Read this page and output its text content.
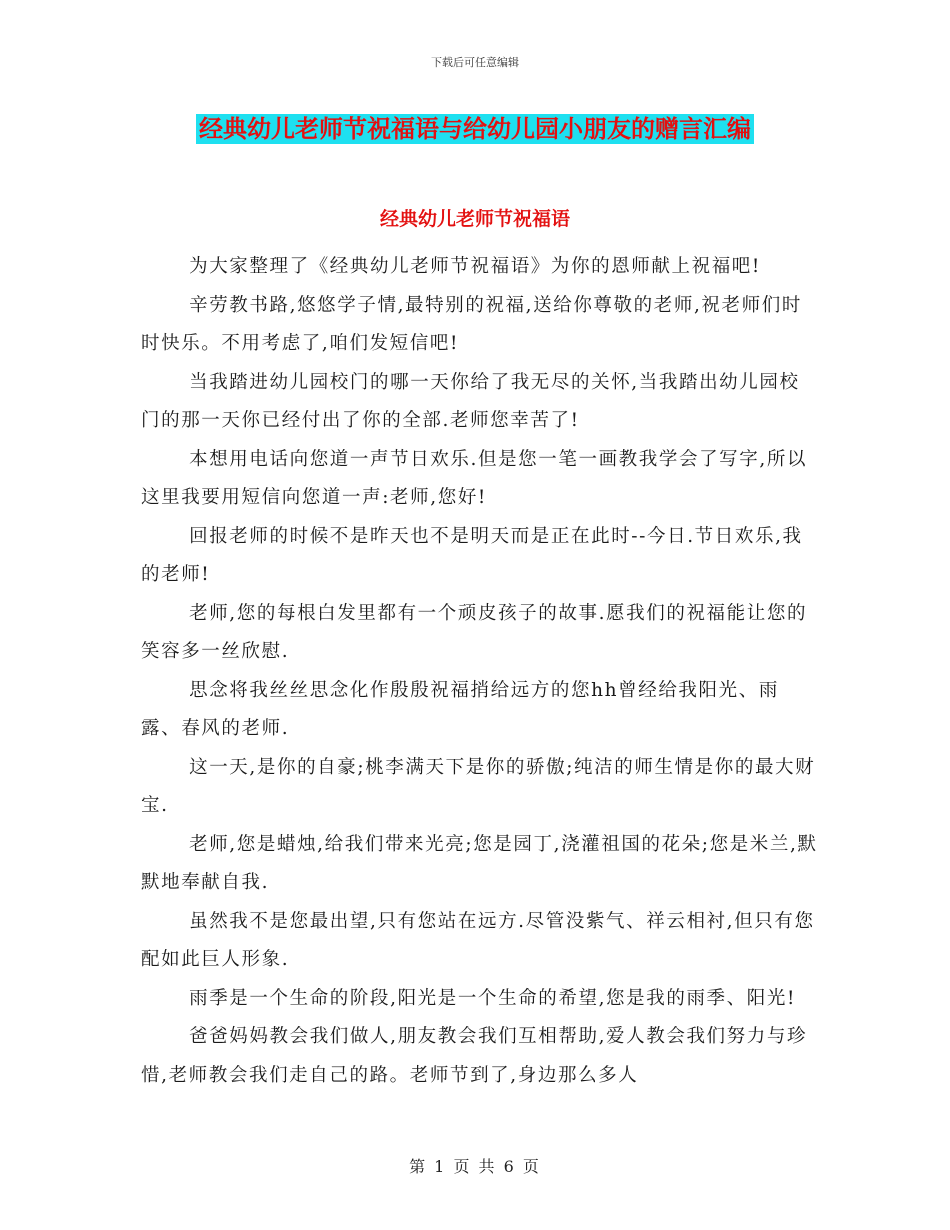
下载后可任意编辑
经典幼儿老师节祝福语与给幼儿园小朋友的赠言汇编
经典幼儿老师节祝福语

为大家整理了《经典幼儿老师节祝福语》为你的恩师献上祝福吧!

辛劳教书路,悠悠学子情,最特别的祝福,送给你尊敬的老师,祝老师们时时快乐。不用考虑了,咱们发短信吧!

当我踏进幼儿园校门的哪一天你给了我无尽的关怀,当我踏出幼儿园校门的那一天你已经付出了你的全部.老师您幸苦了!

本想用电话向您道一声节日欢乐.但是您一笔一画教我学会了写字,所以这里我要用短信向您道一声:老师,您好!

回报老师的时候不是昨天也不是明天而是正在此时--今日.节日欢乐,我的老师!

老师,您的每根白发里都有一个顽皮孩子的故事.愿我们的祝福能让您的笑容多一丝欣慰.

思念将我丝丝思念化作殷殷祝福捎给远方的您hh曾经给我阳光、雨露、春风的老师.

这一天,是你的自豪;桃李满天下是你的骄傲;纯洁的师生情是你的最大财宝.

老师,您是蜡烛,给我们带来光亮;您是园丁,浇灌祖国的花朵;您是米兰,默默地奉献自我.

虽然我不是您最出望,只有您站在远方.尽管没紫气、祥云相衬,但只有您配如此巨人形象.

雨季是一个生命的阶段,阳光是一个生命的希望,您是我的雨季、阳光!

爸爸妈妈教会我们做人,朋友教会我们互相帮助,爱人教会我们努力与珍惜,老师教会我们走自己的路。老师节到了,身边那么多人

第 1 页 共 6 页
